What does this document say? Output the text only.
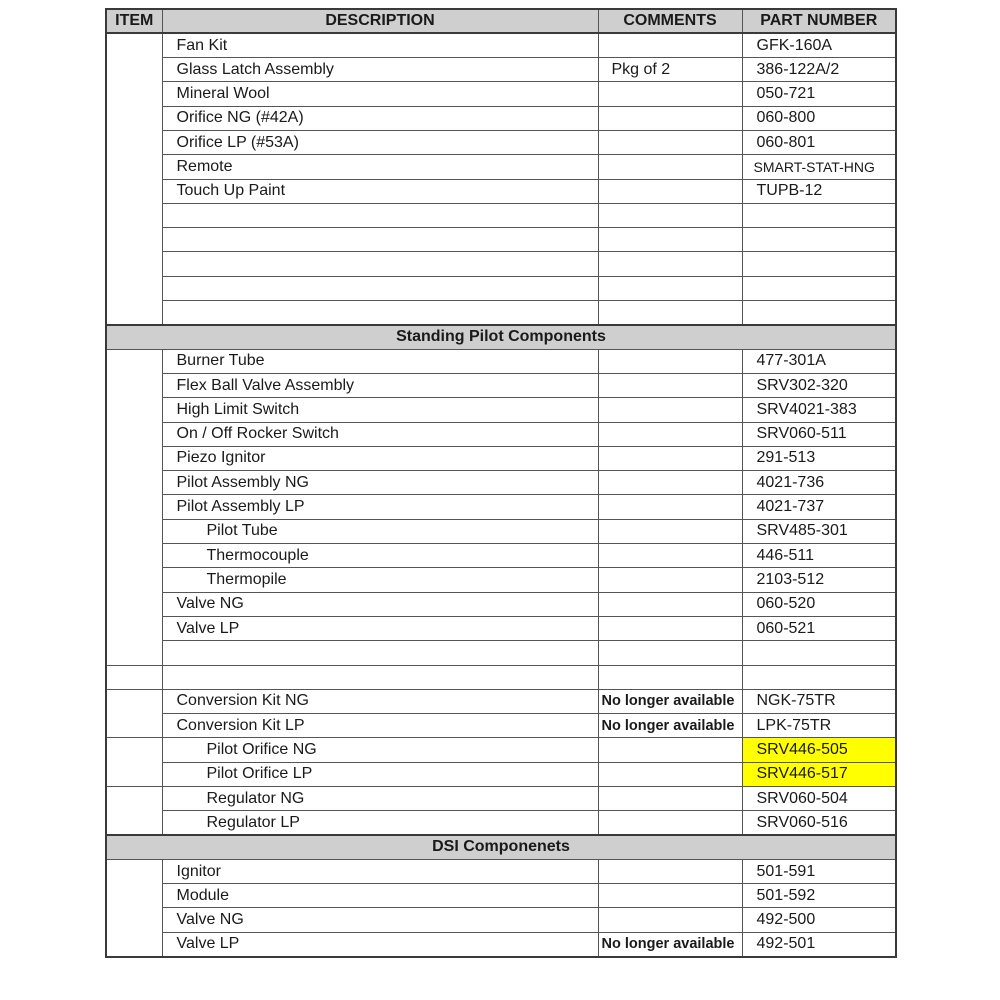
ITEM	DESCRIPTION	COMMENTS	PART NUMBER
	Fan Kit		GFK-160A
	Glass Latch Assembly	Pkg of 2	386-122A/2
	Mineral Wool		050-721
	Orifice NG (#42A)		060-800
	Orifice LP (#53A)		060-801
	Remote		SMART-STAT-HNG
	Touch Up Paint		TUPB-12

Standing Pilot Components			
	Burner Tube		477-301A
	Flex Ball Valve Assembly		SRV302-320
	High Limit Switch		SRV4021-383
	On / Off Rocker Switch		SRV060-511
	Piezo Ignitor		291-513
	Pilot Assembly NG		4021-736
	Pilot Assembly LP		4021-737
	Pilot Tube		SRV485-301
	Thermocouple		446-511
	Thermopile		2103-512
	Valve NG		060-520
	Valve LP		060-521

	Conversion Kit NG	No longer available	NGK-75TR
	Conversion Kit LP	No longer available	LPK-75TR
	Pilot Orifice NG		SRV446-505
	Pilot Orifice LP		SRV446-517
	Regulator NG		SRV060-504
	Regulator LP		SRV060-516
DSI Componenets			
	Ignitor		501-591
	Module		501-592
	Valve NG		492-500
	Valve LP	No longer available	492-501
